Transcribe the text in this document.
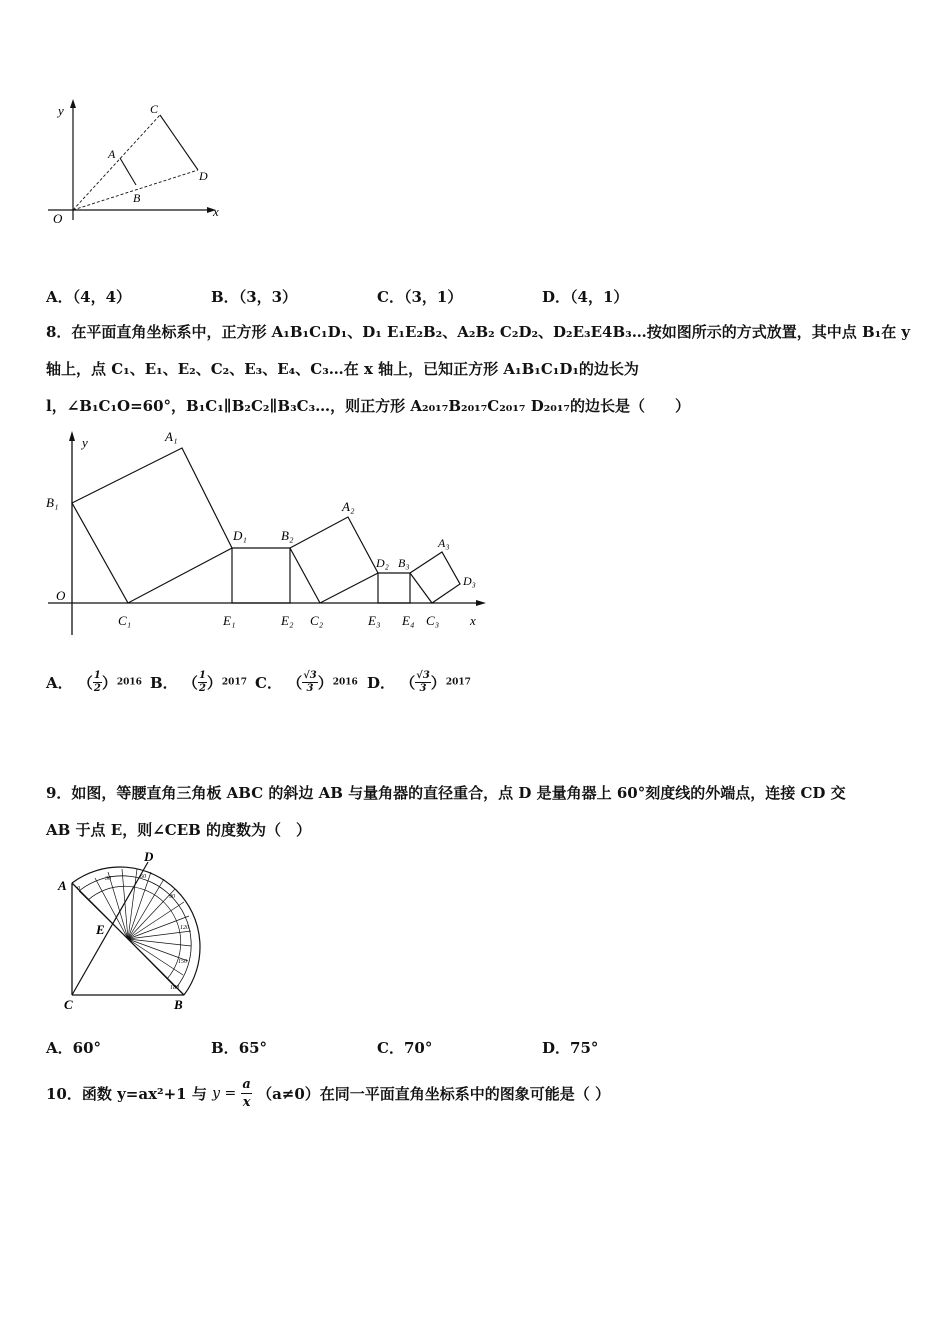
y
x
O
A
B
C
D
A．（4，4）	B．（3，3）	C．（3，1）	D．（4，1）
8．在平面直角坐标系中，正方形 A₁B₁C₁D₁、D₁ E₁E₂B₂、A₂B₂ C₂D₂、D₂E₃E4B₃…按如图所示的方式放置，其中点 B₁在 y
轴上，点 C₁、E₁、E₂、C₂、E₃、E₄、C₃…在 x 轴上，已知正方形 A₁B₁C₁D₁的边长为
l，∠B₁C₁O=60°，B₁C₁∥B₂C₂∥B₃C₃…，则正方形 A₂₀₁₇B₂₀₁₇C₂₀₁₇ D₂₀₁₇的边长是（　　）
y
x
O
A₁
B₁
C₁
D₁
E₁
B₂
E₂ C₂
A₂
D₂ B₃
E₃ E₄ C₃
A₃
D₃
A． （ $\frac{1}{2} )2016$ B． （ $\frac{1}{2} )2017$ C． （ $\frac{√3}{3} )2016$ D． （ $\frac{√3}{3} )2017$
9．如图，等腰直角三角板 ABC 的斜边 AB 与量角器的直径重合，点 D 是量角器上 60°刻度线的外端点，连接 CD 交
AB 于点 E，则∠CEB 的度数为（　）
A
B
C
D
E
0
30	60
90
120
150
180
A．60°	B．65°	C．70°	D．75°
10．函数 y=ax²+1 与 $y = \frac{a}{x} (a\ne 0)$在同一平面直角坐标系中的图象可能是（ ）
